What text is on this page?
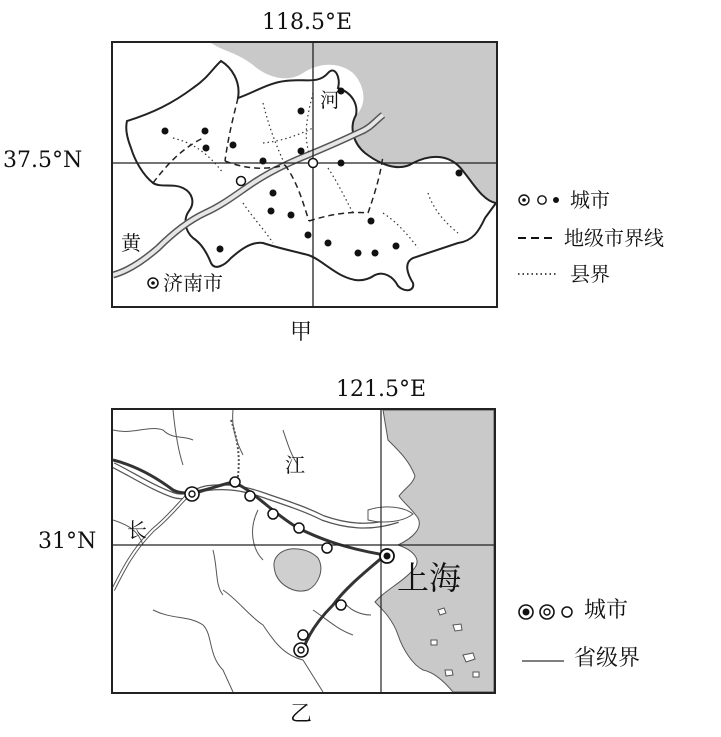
118.5°E
37.5°N
黄
河
济南市
甲
城市
地级市界线
县界
121.5°E
31°N 长
江
上海
乙
城市
省级界
